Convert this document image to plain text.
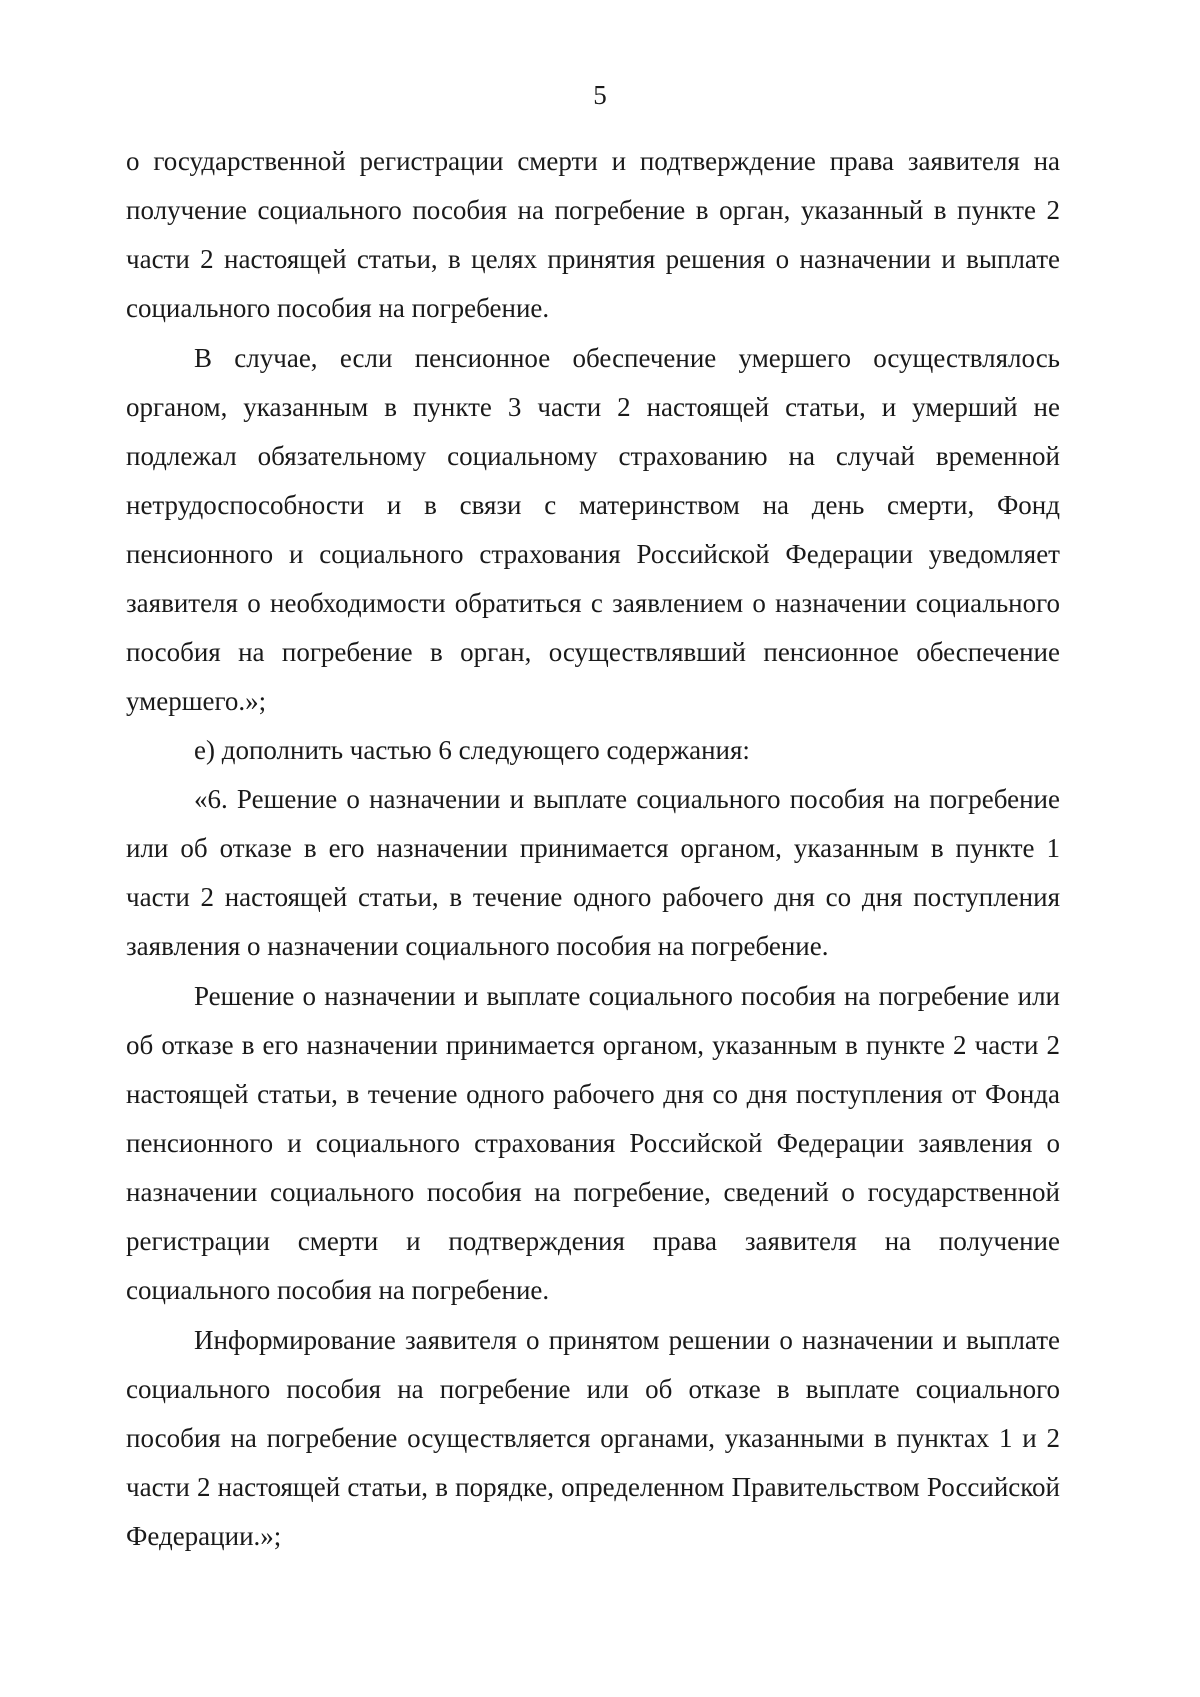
5

о государственной регистрации смерти и подтверждение права заявителя на получение социального пособия на погребение в орган, указанный в пункте 2 части 2 настоящей статьи, в целях принятия решения о назначении и выплате социального пособия на погребение.

В случае, если пенсионное обеспечение умершего осуществлялось органом, указанным в пункте 3 части 2 настоящей статьи, и умерший не подлежал обязательному социальному страхованию на случай временной нетрудоспособности и в связи с материнством на день смерти, Фонд пенсионного и социального страхования Российской Федерации уведомляет заявителя о необходимости обратиться с заявлением о назначении социального пособия на погребение в орган, осуществлявший пенсионное обеспечение умершего.»;

е) дополнить частью 6 следующего содержания:

«6. Решение о назначении и выплате социального пособия на погребение или об отказе в его назначении принимается органом, указанным в пункте 1 части 2 настоящей статьи, в течение одного рабочего дня со дня поступления заявления о назначении социального пособия на погребение.

Решение о назначении и выплате социального пособия на погребение или об отказе в его назначении принимается органом, указанным в пункте 2 части 2 настоящей статьи, в течение одного рабочего дня со дня поступления от Фонда пенсионного и социального страхования Российской Федерации заявления о назначении социального пособия на погребение, сведений о государственной регистрации смерти и подтверждения права заявителя на получение социального пособия на погребение.

Информирование заявителя о принятом решении о назначении и выплате социального пособия на погребение или об отказе в выплате социального пособия на погребение осуществляется органами, указанными в пунктах 1 и 2 части 2 настоящей статьи, в порядке, определенном Правительством Российской Федерации.»;
